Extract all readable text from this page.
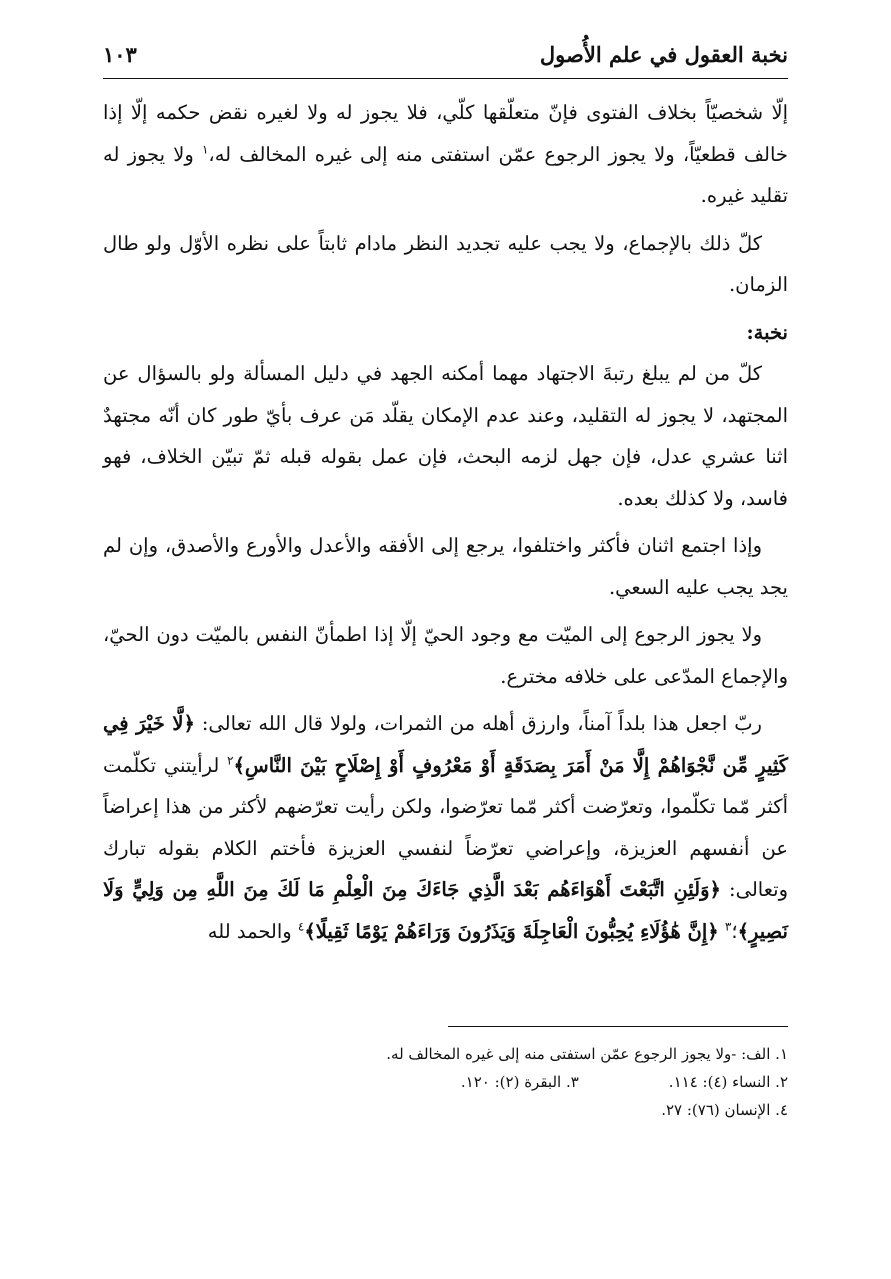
نخبة العقول في علم الأُصول
١٠٣

إلّا شخصيّاً بخلاف الفتوى فإنّ متعلّقها كلّي، فلا يجوز له ولا لغيره نقض حكمه إلّا إذا خالف قطعيّاً، ولا يجوز الرجوع عمّن استفتى منه إلى غيره المخالف له،$^١$ ولا يجوز له تقليد غيره.

كلّ ذلك بالإجماع، ولا يجب عليه تجديد النظر مادام ثابتاً على نظره الأوّل ولو طال الزمان.

نخبة:

كلّ من لم يبلغ رتبةَ الاجتهاد مهما أمكنه الجهد في دليل المسألة ولو بالسؤال عن المجتهد، لا يجوز له التقليد، وعند عدم الإمكان يقلّد مَن عرف بأيّ طور كان أنّه مجتهدٌ اثنا عشري عدل، فإن جهل لزمه البحث، فإن عمل بقوله قبله ثمّ تبيّن الخلاف، فهو فاسد، ولا كذلك بعده.

وإذا اجتمع اثنان فأكثر واختلفوا، يرجع إلى الأفقه والأعدل والأورع والأصدق، وإن لم يجد يجب عليه السعي.

ولا يجوز الرجوع إلى الميّت مع وجود الحيّ إلّا إذا اطمأنّ النفس بالميّت دون الحيّ، والإجماع المدّعى على خلافه مخترع.

ربّ اجعل هذا بلداً آمناً، وارزق أهله من الثمرات، ولولا قال الله تعالى: ﴿لَّا خَيْرَ فِي كَثِيرٍ مِّن نَّجْوَاهُمْ إِلَّا مَنْ أَمَرَ بِصَدَقَةٍ أَوْ مَعْرُوفٍ أَوْ إِصْلَاحٍ بَيْنَ النَّاسِ﴾$^٢$ لرأيتني تكلّمت أكثر مّما تكلّموا، وتعرّضت أكثر مّما تعرّضوا، ولكن رأيت تعرّضهم لأكثر من هذا إعراضاً عن أنفسهم العزيزة، وإعراضي تعرّضاً لنفسي العزيزة فأختم الكلام بقوله تبارك وتعالى: ﴿وَلَئِنِ اتَّبَعْتَ أَهْوَاءَهُم بَعْدَ الَّذِي جَاءَكَ مِنَ الْعِلْمِ مَا لَكَ مِنَ اللَّهِ مِن وَلِيٍّ وَلَا نَصِيرٍ﴾؛$^٣$ ﴿إِنَّ هَٰؤُلَاءِ يُحِبُّونَ الْعَاجِلَةَ وَيَذَرُونَ وَرَاءَهُمْ يَوْمًا ثَقِيلًا﴾$^٤$ والحمد لله

١. الف: -ولا يجوز الرجوع عمّن استفتى منه إلى غيره المخالف له.
٢. النساء (٤): ١١٤.
٣. البقرة (٢): ١٢٠.
٤. الإنسان (٧٦): ٢٧.
